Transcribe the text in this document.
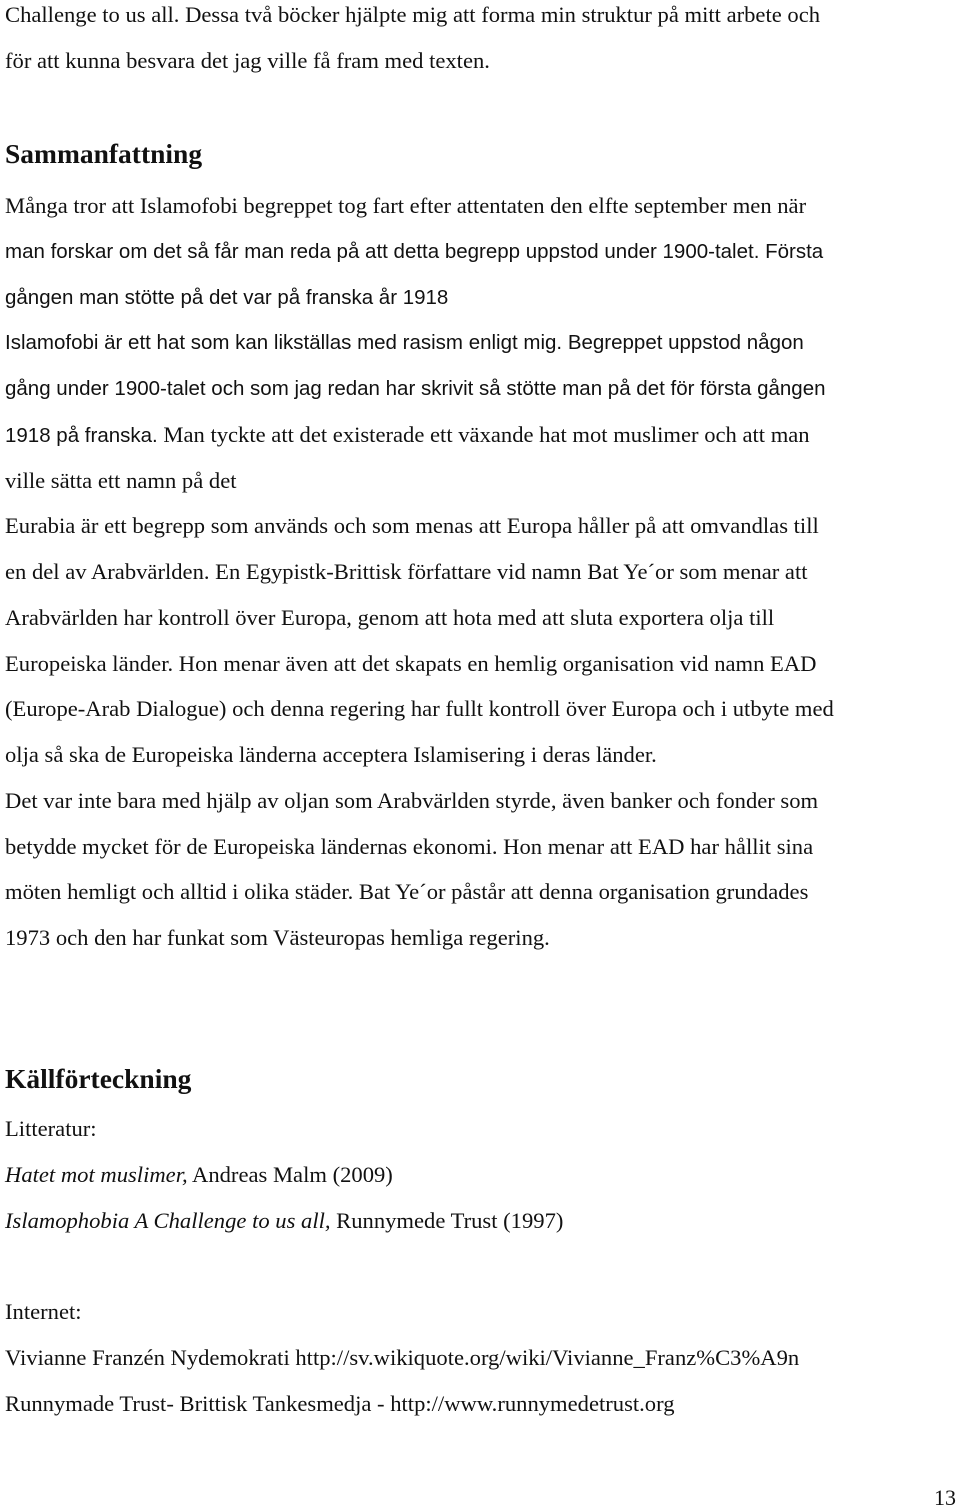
Challenge to us all. Dessa två böcker hjälpte mig att forma min struktur på mitt arbete och

för att kunna besvara det jag ville få fram med texten.

Sammanfattning

Många tror att Islamofobi begreppet tog fart efter attentaten den elfte september men när

man forskar om det så får man reda på att detta begrepp uppstod under 1900-talet. Första

gången man stötte på det var på franska år 1918

Islamofobi är ett hat som kan likställas med rasism enligt mig. Begreppet uppstod någon

gång under 1900-talet och som jag redan har skrivit så stötte man på det för första gången

1918 på franska. Man tyckte att det existerade ett växande hat mot muslimer och att man

ville sätta ett namn på det

Eurabia är ett begrepp som används och som menas att Europa håller på att omvandlas till

en del av Arabvärlden. En Egypistk-Brittisk författare vid namn Bat Ye´or som menar att

Arabvärlden har kontroll över Europa, genom att hota med att sluta exportera olja till

Europeiska länder. Hon menar även att det skapats en hemlig organisation vid namn EAD

(Europe-Arab Dialogue) och denna regering har fullt kontroll över Europa och i utbyte med

olja så ska de Europeiska länderna acceptera Islamisering i deras länder.

Det var inte bara med hjälp av oljan som Arabvärlden styrde, även banker och fonder som

betydde mycket för de Europeiska ländernas ekonomi. Hon menar att EAD har hållit sina

möten hemligt och alltid i olika städer. Bat Ye´or påstår att denna organisation grundades

1973 och den har funkat som Västeuropas hemliga regering.

Källförteckning

Litteratur:

Hatet mot muslimer, Andreas Malm (2009)

Islamophobia A Challenge to us all, Runnymede Trust (1997)

Internet:

Vivianne Franzén Nydemokrati http://sv.wikiquote.org/wiki/Vivianne_Franz%C3%A9n

Runnymade Trust- Brittisk Tankesmedja - http://www.runnymedetrust.org

13
